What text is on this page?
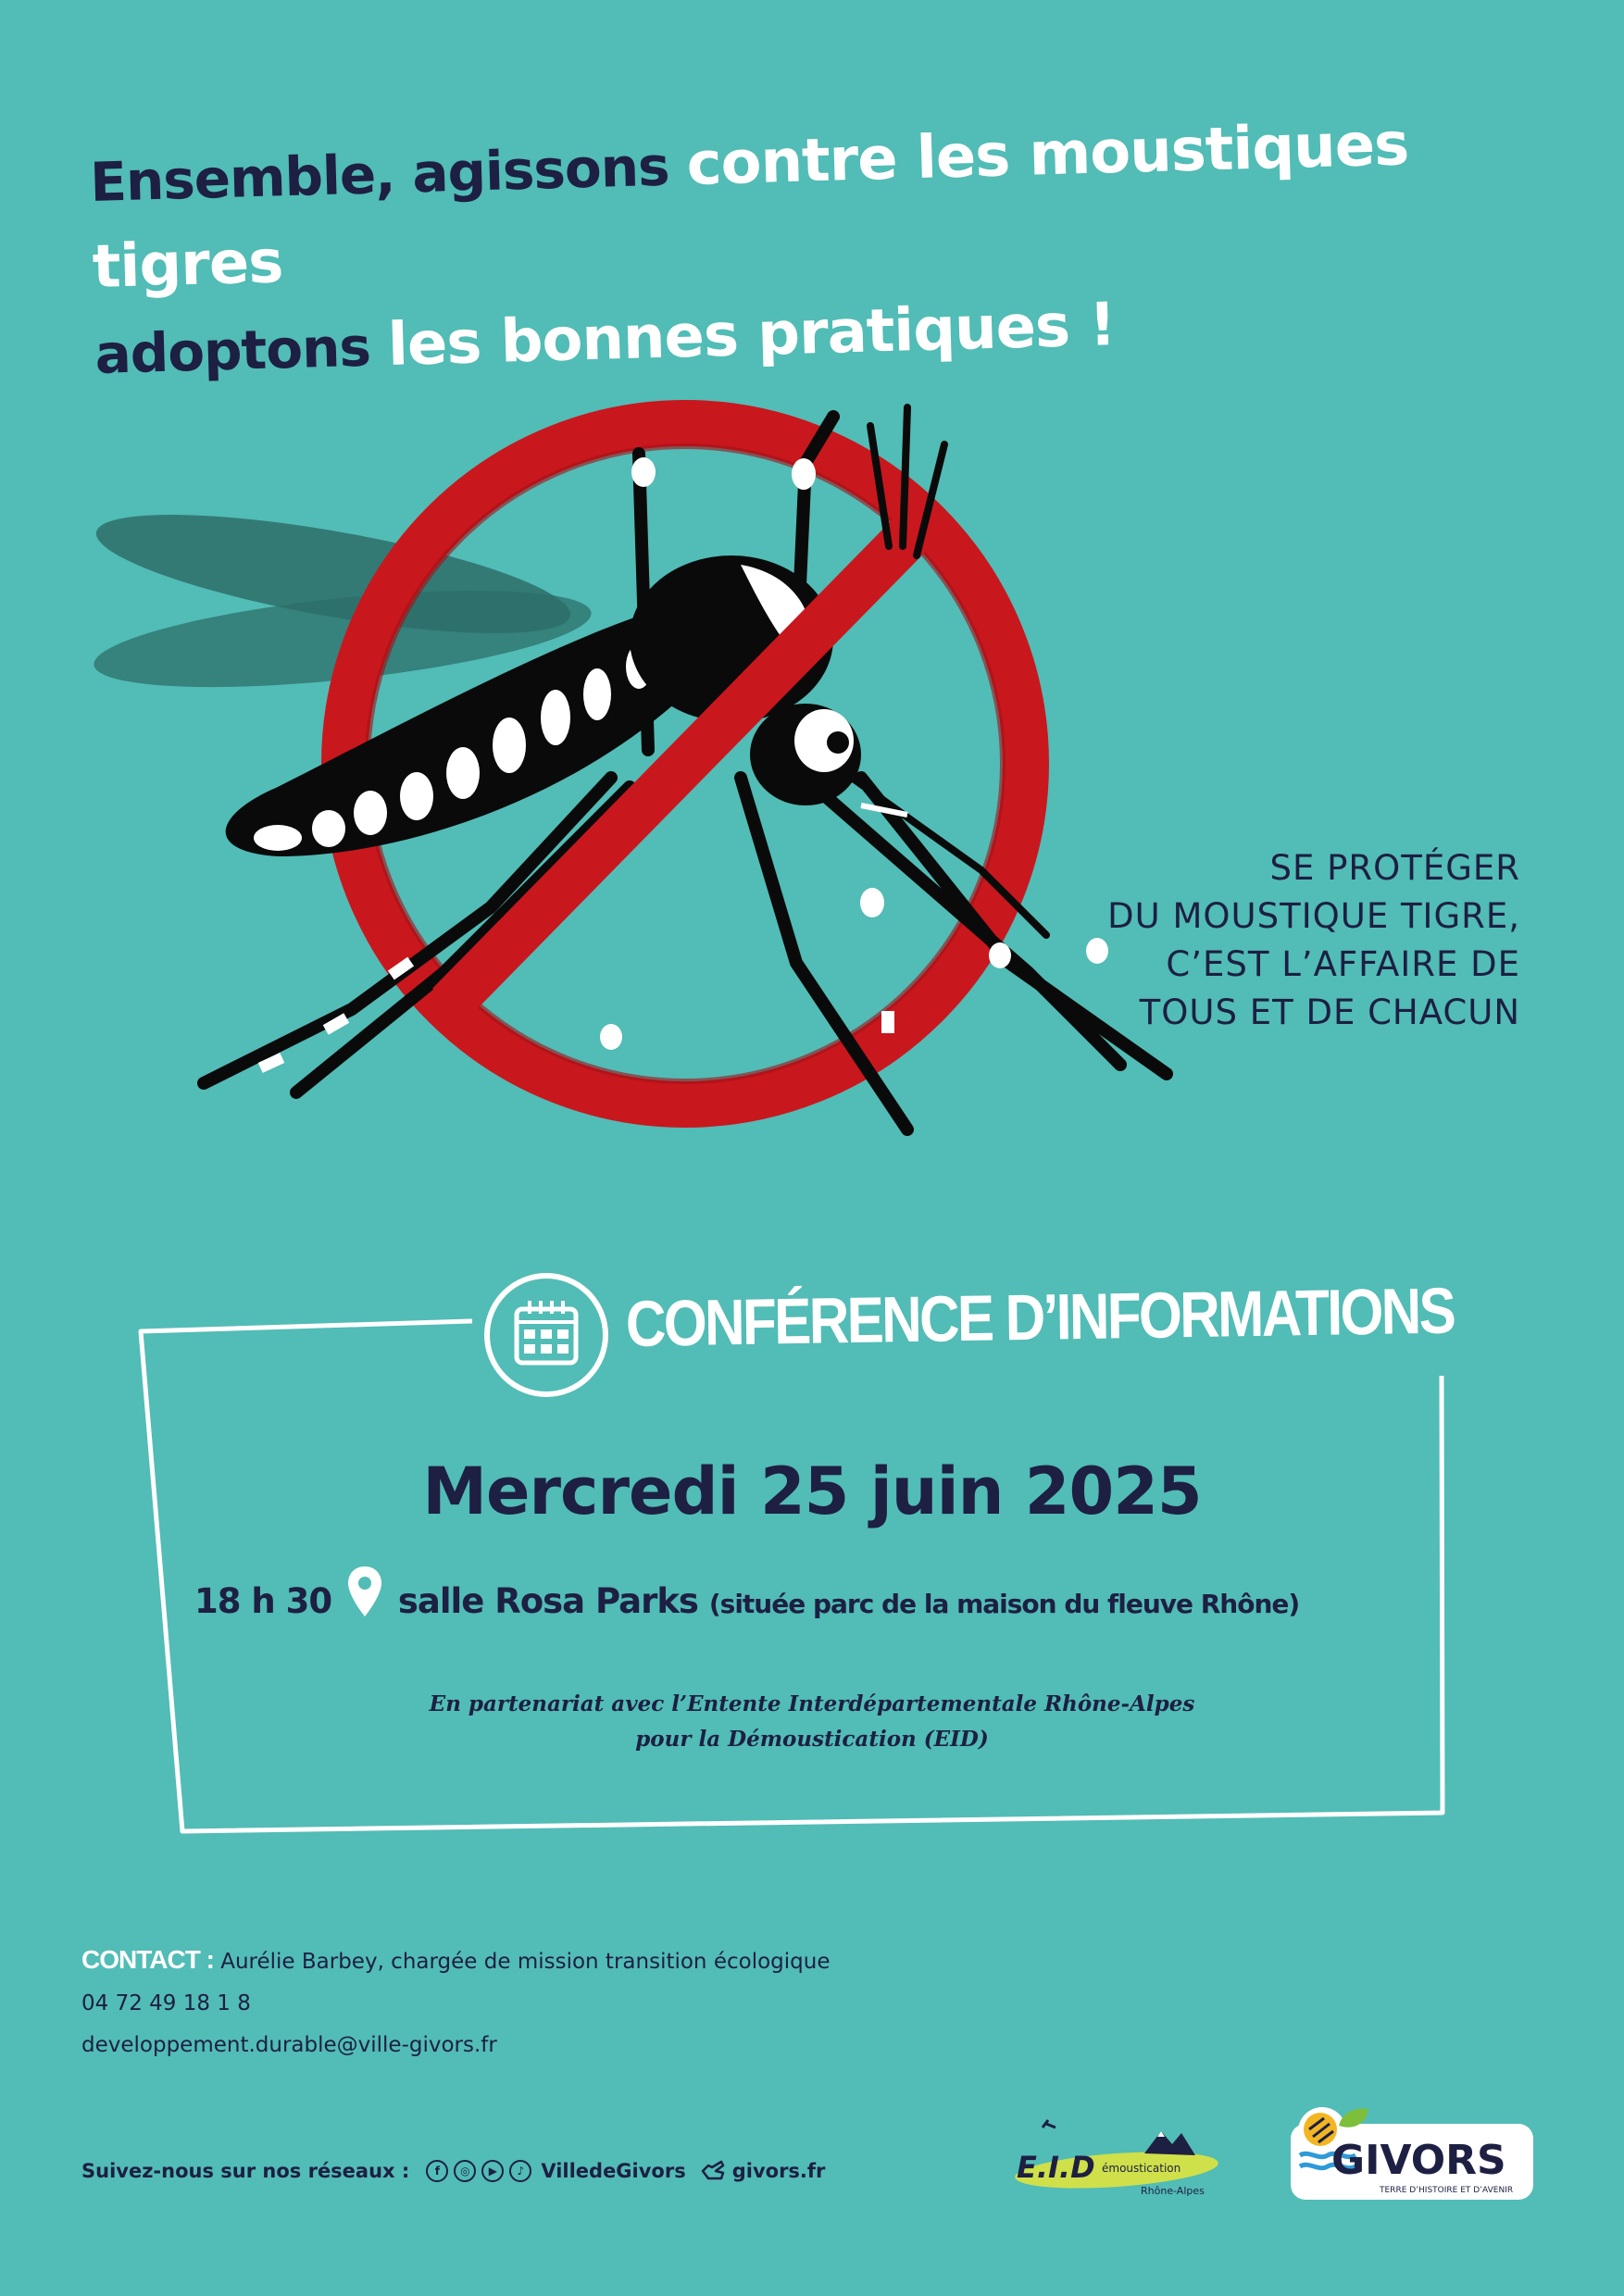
Ensemble, agissons contre les moustiques tigres
adoptons les bonnes pratiques !
SE PROTÉGER
DU MOUSTIQUE TIGRE,
C’EST L’AFFAIRE DE
TOUS ET DE CHACUN
CONFÉRENCE D’INFORMATIONS
Mercredi 25 juin 2025
18 h 30 salle Rosa Parks (située parc de la maison du fleuve Rhône)
En partenariat avec l’Entente Interdépartementale Rhône-Alpes
pour la Démoustication (EID)
CONTACT : Aurélie Barbey, chargée de mission transition écologique
04 72 49 18 1 8
developpement.durable@ville-givors.fr
Suivez-nous sur nos réseaux :	f	◎	▶	♪ VilledeGivors givors.fr	E.I.D émoustication
Rhône-Alpes
GIVORS
TERRE D’HISTOIRE ET D’AVENIR
